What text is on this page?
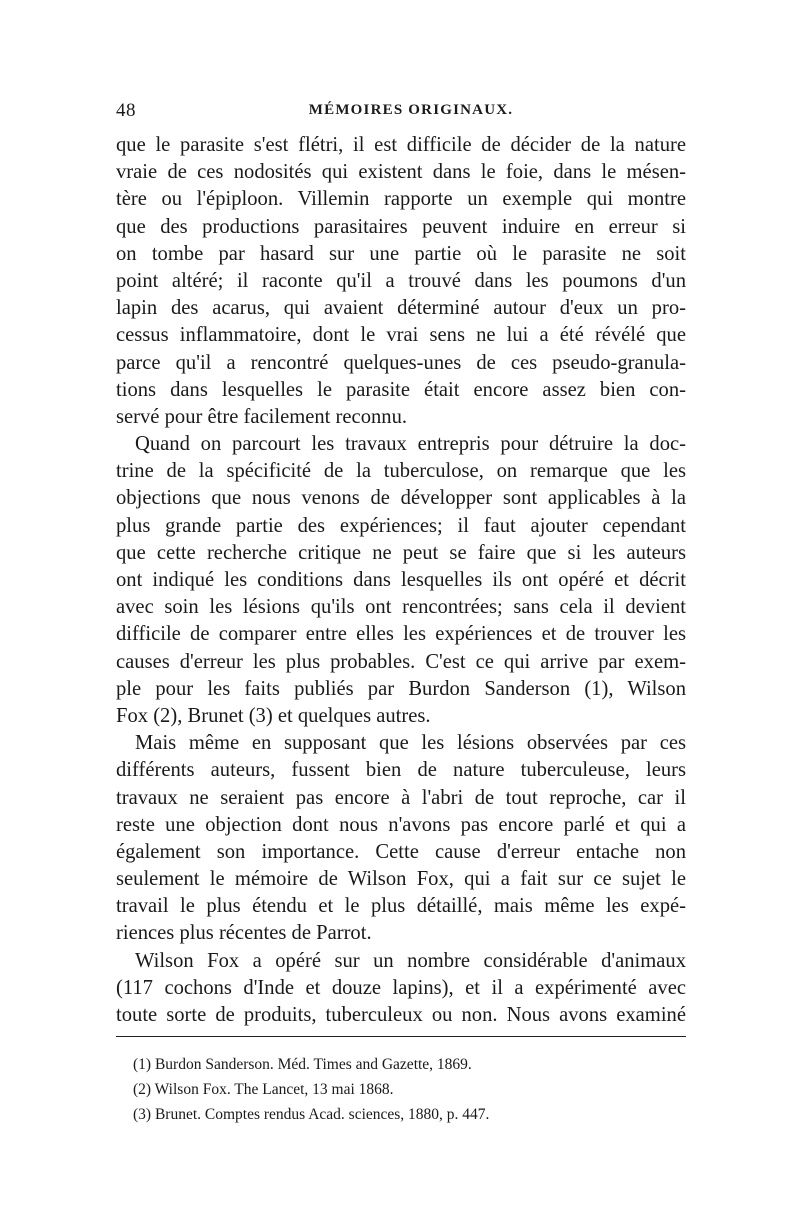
48	MÉMOIRES ORIGINAUX.
que le parasite s'est flétri, il est difficile de décider de la nature
vraie de ces nodosités qui existent dans le foie, dans le mésen-
tère ou l'épiploon. Villemin rapporte un exemple qui montre
que des productions parasitaires peuvent induire en erreur si
on tombe par hasard sur une partie où le parasite ne soit
point altéré; il raconte qu'il a trouvé dans les poumons d'un
lapin des acarus, qui avaient déterminé autour d'eux un pro-
cessus inflammatoire, dont le vrai sens ne lui a été révélé que
parce qu'il a rencontré quelques-unes de ces pseudo-granula-
tions dans lesquelles le parasite était encore assez bien con-
servé pour être facilement reconnu.
Quand on parcourt les travaux entrepris pour détruire la doc-
trine de la spécificité de la tuberculose, on remarque que les
objections que nous venons de développer sont applicables à la
plus grande partie des expériences; il faut ajouter cependant
que cette recherche critique ne peut se faire que si les auteurs
ont indiqué les conditions dans lesquelles ils ont opéré et décrit
avec soin les lésions qu'ils ont rencontrées; sans cela il devient
difficile de comparer entre elles les expériences et de trouver les
causes d'erreur les plus probables. C'est ce qui arrive par exem-
ple pour les faits publiés par Burdon Sanderson (1), Wilson
Fox (2), Brunet (3) et quelques autres.
Mais même en supposant que les lésions observées par ces
différents auteurs, fussent bien de nature tuberculeuse, leurs
travaux ne seraient pas encore à l'abri de tout reproche, car il
reste une objection dont nous n'avons pas encore parlé et qui a
également son importance. Cette cause d'erreur entache non
seulement le mémoire de Wilson Fox, qui a fait sur ce sujet le
travail le plus étendu et le plus détaillé, mais même les expé-
riences plus récentes de Parrot.
Wilson Fox a opéré sur un nombre considérable d'animaux
(117 cochons d'Inde et douze lapins), et il a expérimenté avec
toute sorte de produits, tuberculeux ou non. Nous avons examiné
(1) Burdon Sanderson. Méd. Times and Gazette, 1869.
(2) Wilson Fox. The Lancet, 13 mai 1868.
(3) Brunet. Comptes rendus Acad. sciences, 1880, p. 447.
